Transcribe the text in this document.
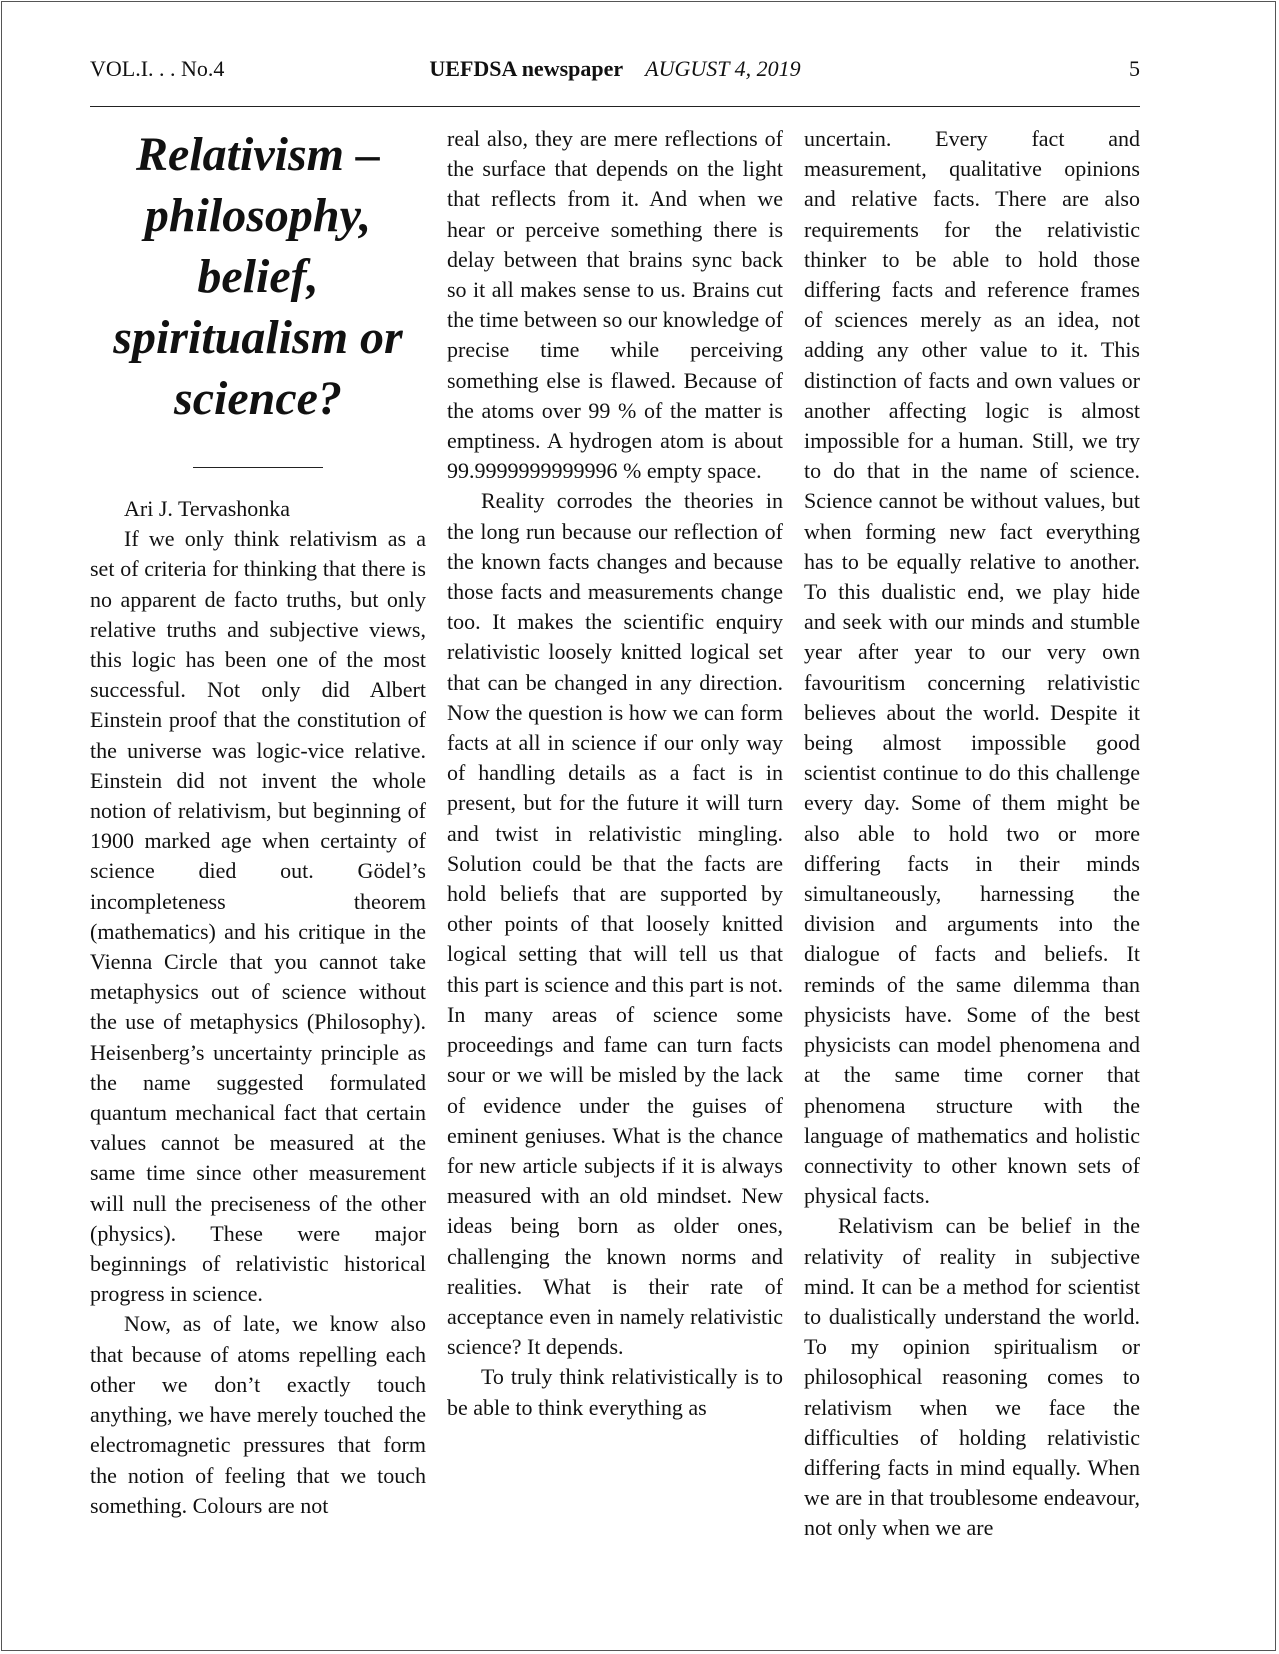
VOL.I. . . No.4	UEFDSA newspaper AUGUST 4, 2019	5
Relativism –
philosophy,
belief,
spiritualism or
science?

Ari J. Tervashonka

If we only think relativism as a set of criteria for thinking that there is no apparent de facto truths, but only relative truths and subjective views, this logic has been one of the most successful. Not only did Albert Einstein proof that the constitution of the universe was logic-vice relative. Einstein did not invent the whole notion of relativism, but beginning of 1900 marked age when certainty of science died out. Gödel’s incompleteness theorem (mathematics) and his critique in the Vienna Circle that you cannot take metaphysics out of science without the use of metaphysics (Philosophy). Heisenberg’s uncertainty principle as the name suggested formulated quantum mechanical fact that certain values cannot be measured at the same time since other measurement will null the preciseness of the other (physics). These were major beginnings of relativistic historical progress in science.

Now, as of late, we know also that because of atoms repelling each other we don’t exactly touch anything, we have merely touched the electromagnetic pressures that form the notion of feeling that we touch something. Colours are not

real also, they are mere reflections of the surface that depends on the light that reflects from it. And when we hear or perceive something there is delay between that brains sync back so it all makes sense to us. Brains cut the time between so our knowledge of precise time while perceiving something else is flawed. Because of the atoms over 99 % of the matter is emptiness. A hydrogen atom is about 99.9999999999996 % empty space.

Reality corrodes the theories in the long run because our reflection of the known facts changes and because those facts and measurements change too. It makes the scientific enquiry relativistic loosely knitted logical set that can be changed in any direction. Now the question is how we can form facts at all in science if our only way of handling details as a fact is in present, but for the future it will turn and twist in relativistic mingling. Solution could be that the facts are hold beliefs that are supported by other points of that loosely knitted logical setting that will tell us that this part is science and this part is not. In many areas of science some proceedings and fame can turn facts sour or we will be misled by the lack of evidence under the guises of eminent geniuses. What is the chance for new article subjects if it is always measured with an old mindset. New ideas being born as older ones, challenging the known norms and realities. What is their rate of acceptance even in namely relativistic science? It depends.

To truly think relativistically is to be able to think everything as

uncertain. Every fact and measurement, qualitative opinions and relative facts. There are also requirements for the relativistic thinker to be able to hold those differing facts and reference frames of sciences merely as an idea, not adding any other value to it. This distinction of facts and own values or another affecting logic is almost impossible for a human. Still, we try to do that in the name of science. Science cannot be without values, but when forming new fact everything has to be equally relative to another. To this dualistic end, we play hide and seek with our minds and stumble year after year to our very own favouritism concerning relativistic believes about the world. Despite it being almost impossible good scientist continue to do this challenge every day. Some of them might be also able to hold two or more differing facts in their minds simultaneously, harnessing the division and arguments into the dialogue of facts and beliefs. It reminds of the same dilemma than physicists have. Some of the best physicists can model phenomena and at the same time corner that phenomena structure with the language of mathematics and holistic connectivity to other known sets of physical facts.

Relativism can be belief in the relativity of reality in subjective mind. It can be a method for scientist to dualistically understand the world. To my opinion spiritualism or philosophical reasoning comes to relativism when we face the difficulties of holding relativistic differing facts in mind equally. When we are in that troublesome endeavour, not only when we are
